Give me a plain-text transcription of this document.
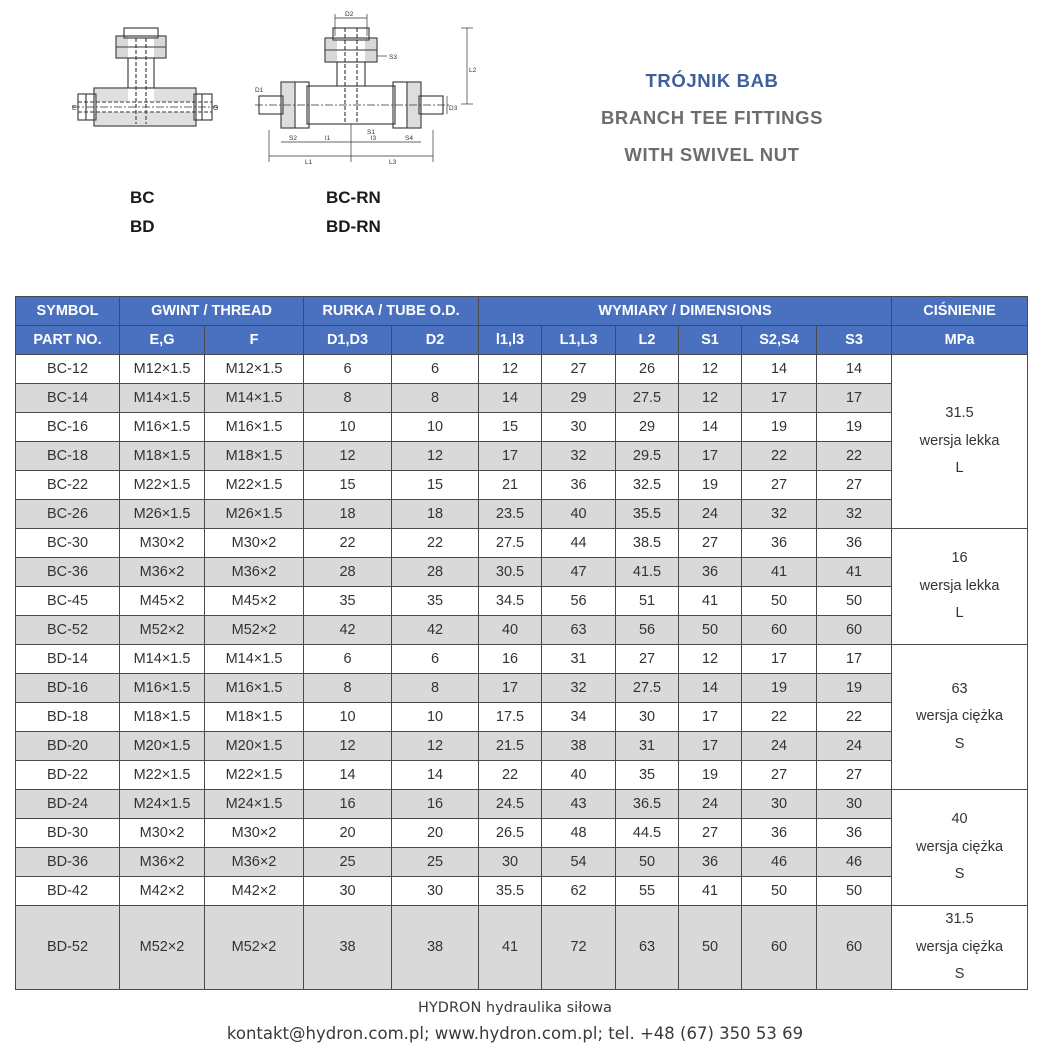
E	G
D2
S3
L2
D1
D3
S1
S2	S4
l1	l3
L1	L3
BC
BD
BC-RN
BD-RN
TRÓJNIK BAB
BRANCH TEE FITTINGS
WITH SWIVEL NUT
SYMBOL	GWINT / THREAD		RURKA / TUBE O.D.		WYMIARY / DIMENSIONS						CIŚNIENIE
PART NO.	E,G	F	D1,D3	D2	l1,l3	L1,L3	L2	S1	S2,S4	S3	MPa
BC-12	M12×1.5	M12×1.5	6	6	12	27	26	12	14	14	31.5
wersja lekka
L

BC-14	M14×1.5	M14×1.5	8	8	14	29	27.5	12	17	17	
BC-16	M16×1.5	M16×1.5	10	10	15	30	29	14	19	19	
BC-18	M18×1.5	M18×1.5	12	12	17	32	29.5	17	22	22	
BC-22	M22×1.5	M22×1.5	15	15	21	36	32.5	19	27	27	
BC-26	M26×1.5	M26×1.5	18	18	23.5	40	35.5	24	32	32	
BC-30	M30×2	M30×2	22	22	27.5	44	38.5	27	36	36	16
wersja lekka
L

BC-36	M36×2	M36×2	28	28	30.5	47	41.5	36	41	41	
BC-45	M45×2	M45×2	35	35	34.5	56	51	41	50	50	
BC-52	M52×2	M52×2	42	42	40	63	56	50	60	60	
BD-14	M14×1.5	M14×1.5	6	6	16	31	27	12	17	17	63
wersja ciężka
S

BD-16	M16×1.5	M16×1.5	8	8	17	32	27.5	14	19	19	
BD-18	M18×1.5	M18×1.5	10	10	17.5	34	30	17	22	22	
BD-20	M20×1.5	M20×1.5	12	12	21.5	38	31	17	24	24	
BD-22	M22×1.5	M22×1.5	14	14	22	40	35	19	27	27	
BD-24	M24×1.5	M24×1.5	16	16	24.5	43	36.5	24	30	30	40
wersja ciężka
S

BD-30	M30×2	M30×2	20	20	26.5	48	44.5	27	36	36	
BD-36	M36×2	M36×2	25	25	30	54	50	36	46	46	
BD-42	M42×2	M42×2	30	30	35.5	62	55	41	50	50	
BD-52	M52×2	M52×2	38	38	41	72	63	50	60	60	31.5
wersja ciężka
S
HYDRON hydraulika siłowa
kontakt@hydron.com.pl; www.hydron.com.pl; tel. +48 (67) 350 53 69
